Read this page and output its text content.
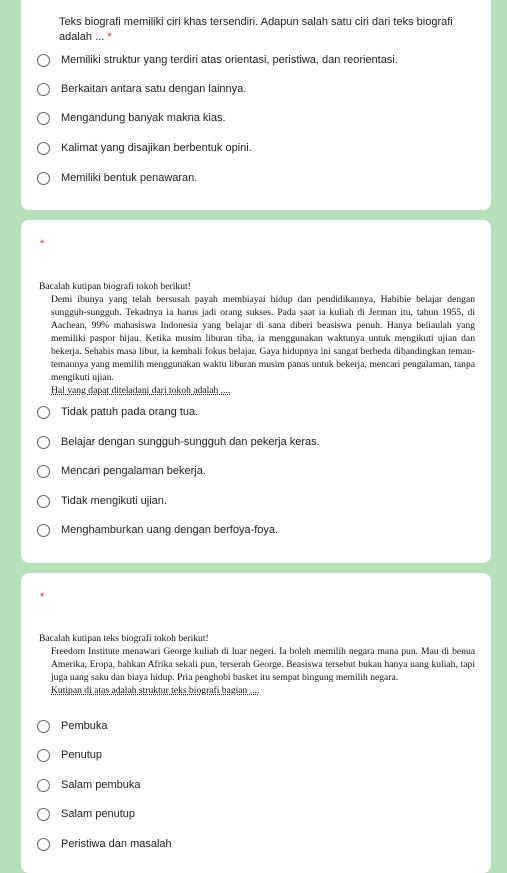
Teks biografi memiliki ciri khas tersendiri. Adapun salah satu ciri dari teks biografi adalah ... *
Memiliki struktur yang terdiri atas orientasi, peristiwa, dan reorientasi.
Berkaitan antara satu dengan lainnya.
Mengandung banyak makna kias.
Kalimat yang disajikan berbentuk opini.
Memiliki bentuk penawaran.
*
Bacalah kutipan biografi tokoh berikut!
Demi ibunya yang telah bersusah payah membiayai hidup dan pendidikannya, Habibie belajar dengan sungguh-sungguh. Tekadnya ia harus jadi orang sukses. Pada saat ia kuliah di Jerman itu, tahun 1955, di Aachean, 99% mahasiswa Indonesia yang belajar di sana diberi beasiswa penuh. Hanya beliaulah yang memiliki paspor hijau. Ketika musim liburan tiba, ia menggunakan waktunya untuk mengikuti ujian dan bekerja. Sehabis masa libur, ia kembali fokus belajar. Gaya hidupnya ini sangat berbeda dibandingkan teman-temannya yang memilih menggunakan waktu liburan musim panas untuk bekerja, mencari pengalaman, tanpa mengikuti ujian.
Hal yang dapat diteladani dari tokoh adalah ....
Tidak patuh pada orang tua.
Belajar dengan sungguh-sungguh dan pekerja keras.
Mencari pengalaman bekerja.
Tidak mengikuti ujian.
Menghamburkan uang dengan berfoya-foya.
*
Bacalah kutipan teks biografi tokoh berikut!
Freedom Institute menawari George kuliah di luar negeri. Ia boleh memilih negara mana pun. Mau di benua Amerika, Eropa, bahkan Afrika sekali pun, terserah George. Beasiswa tersebut bukan hanya uang kuliah, tapi juga uang saku dan biaya hidup. Pria penghobi basket itu sempat bingung memilih negara.
Kutipan di atas adalah struktur teks biografi bagian ....
Pembuka
Penutup
Salam pembuka
Salam penutup
Peristiwa dan masalah
